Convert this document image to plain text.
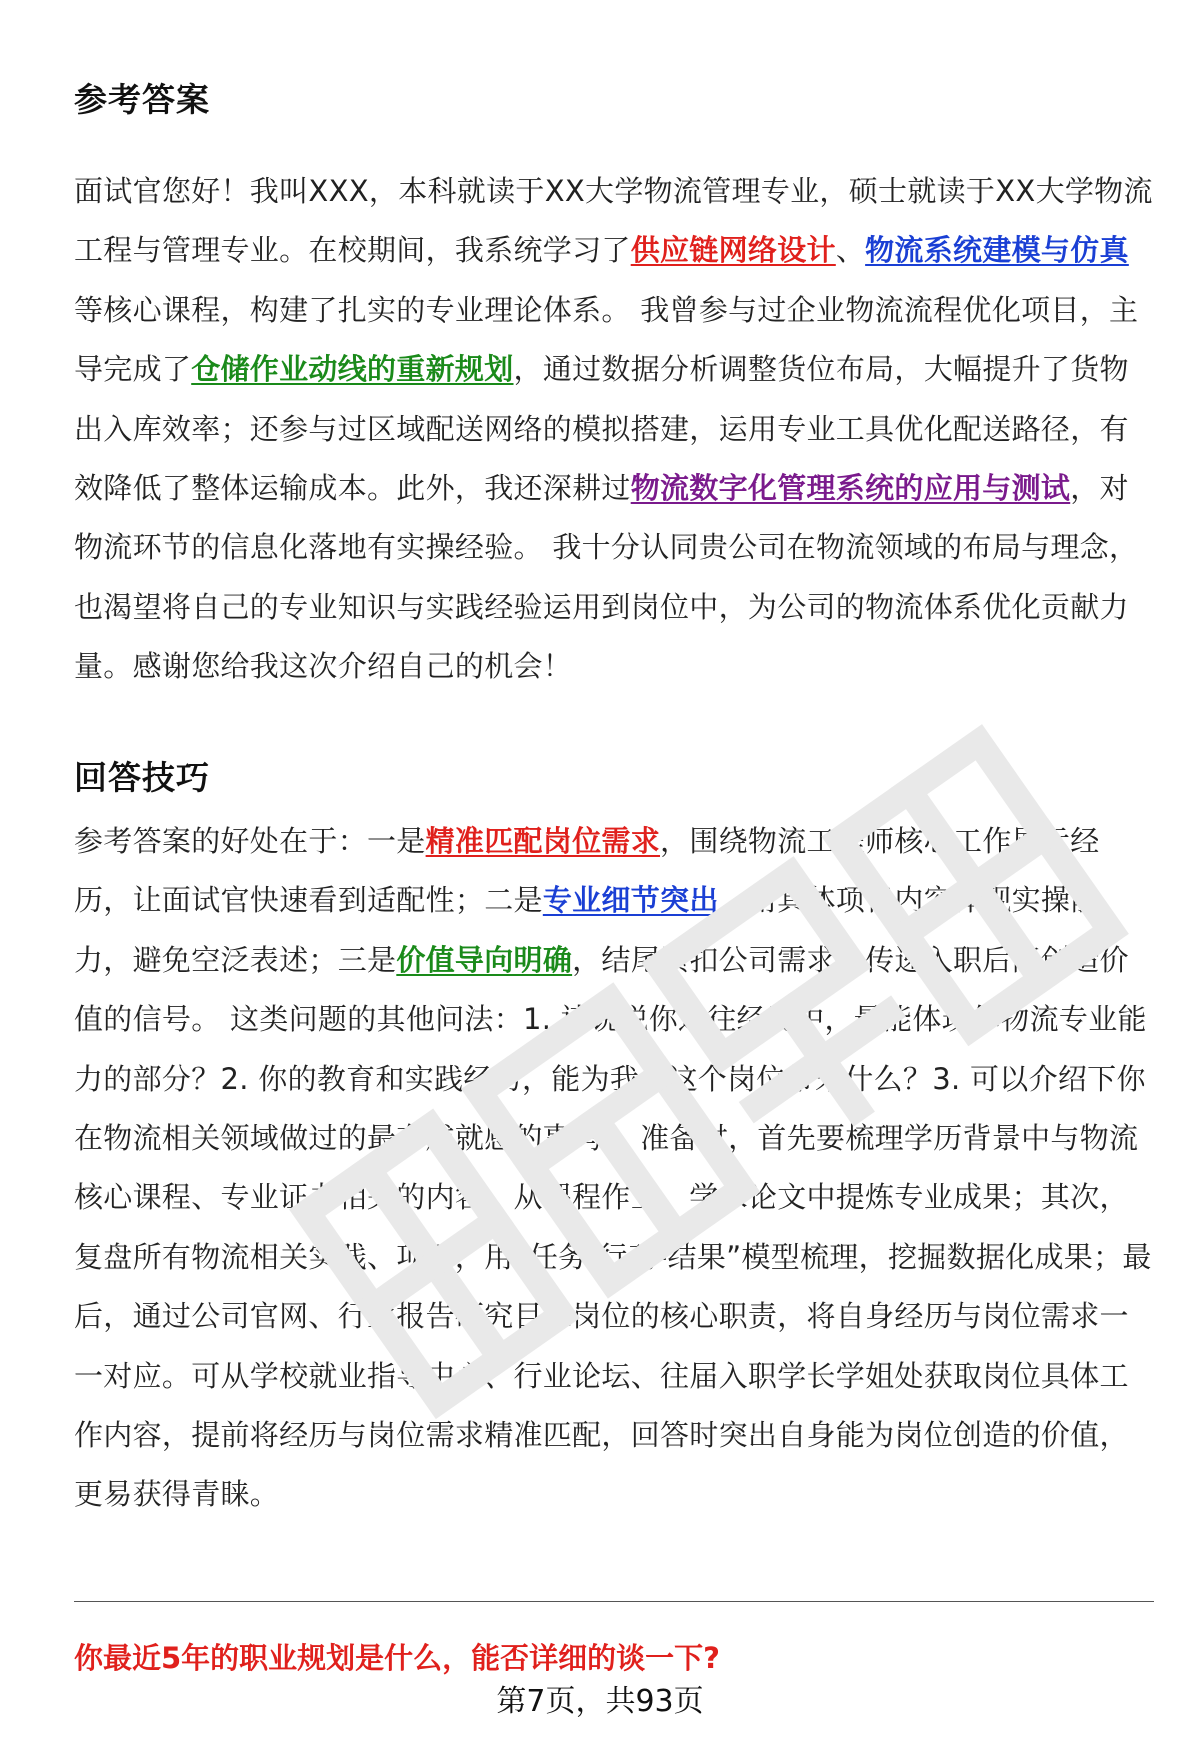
参考答案

面试官您好！我叫XXX，本科就读于XX大学物流管理专业，硕士就读于XX大学物流工程与管理专业。在校期间，我系统学习了供应链网络设计、物流系统建模与仿真等核心课程，构建了扎实的专业理论体系。 我曾参与过企业物流流程优化项目，主导完成了仓储作业动线的重新规划，通过数据分析调整货位布局，大幅提升了货物出入库效率；还参与过区域配送网络的模拟搭建，运用专业工具优化配送路径，有效降低了整体运输成本。此外，我还深耕过物流数字化管理系统的应用与测试，对物流环节的信息化落地有实操经验。 我十分认同贵公司在物流领域的布局与理念，也渴望将自己的专业知识与实践经验运用到岗位中，为公司的物流体系优化贡献力量。感谢您给我这次介绍自己的机会！

回答技巧

参考答案的好处在于：一是精准匹配岗位需求，围绕物流工程师核心工作展示经历，让面试官快速看到适配性；二是专业细节突出，用具体项目内容体现实操能力，避免空泛表述；三是价值导向明确，结尾紧扣公司需求，传递入职后能创造价值的信号。 这类问题的其他问法：1. 请说说你过往经历中，最能体现你物流专业能力的部分？2. 你的教育和实践经历，能为我们这个岗位带来什么？3. 可以介绍下你在物流相关领域做过的最有成就感的事吗？ 准备时，首先要梳理学历背景中与物流核心课程、专业证书相关的内容，从课程作业、学术论文中提炼专业成果；其次，复盘所有物流相关实践、项目，用“任务-行动-结果”模型梳理，挖掘数据化成果；最后，通过公司官网、行业报告研究目标岗位的核心职责，将自身经历与岗位需求一一对应。可从学校就业指导中心、行业论坛、往届入职学长学姐处获取岗位具体工作内容，提前将经历与岗位需求精准匹配，回答时突出自身能为岗位创造的价值，更易获得青睐。

你最近5年的职业规划是什么，能否详细的谈一下?

第7页，共93页
